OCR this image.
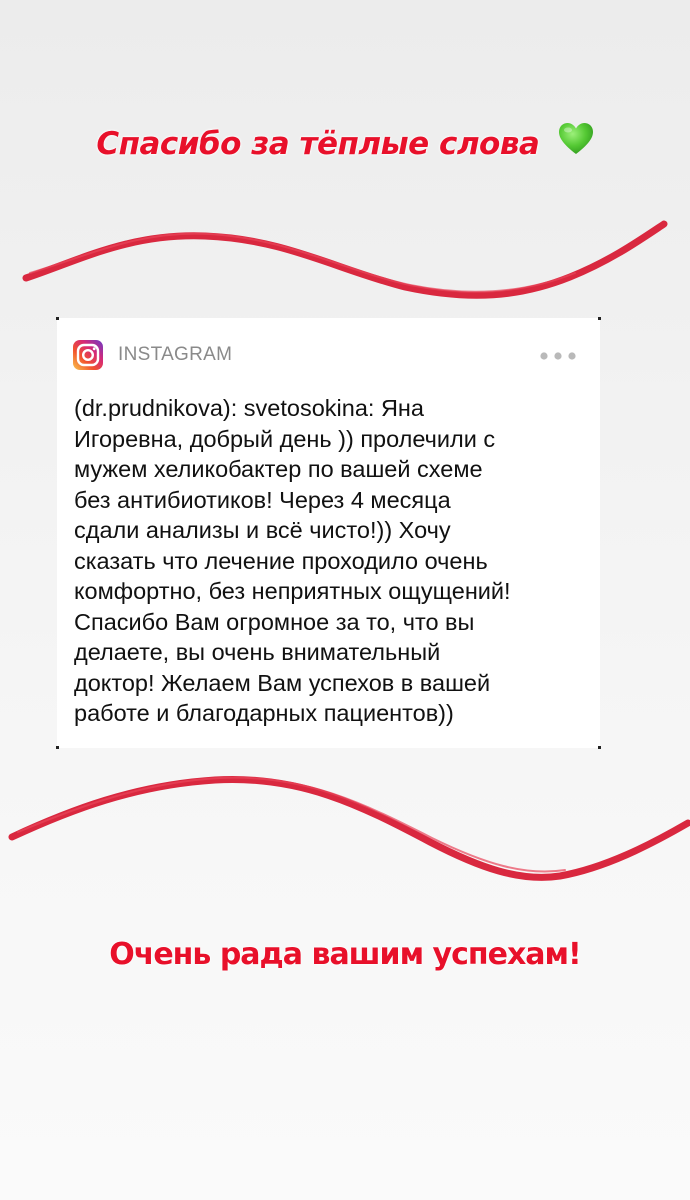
Спасибо за тёплые слова
INSTAGRAM
(dr.prudnikova): svetosokina: Яна
Игоревна, добрый день )) пролечили с
мужем хеликобактер по вашей схеме
без антибиотиков! Через 4 месяца
сдали анализы и всё чисто!)) Хочу
сказать что лечение проходило очень
комфортно, без неприятных ощущений!
Спасибо Вам огромное за то, что вы
делаете, вы очень внимательный
доктор! Желаем Вам успехов в вашей
работе и благодарных пациентов))
Очень рада вашим успехам!
